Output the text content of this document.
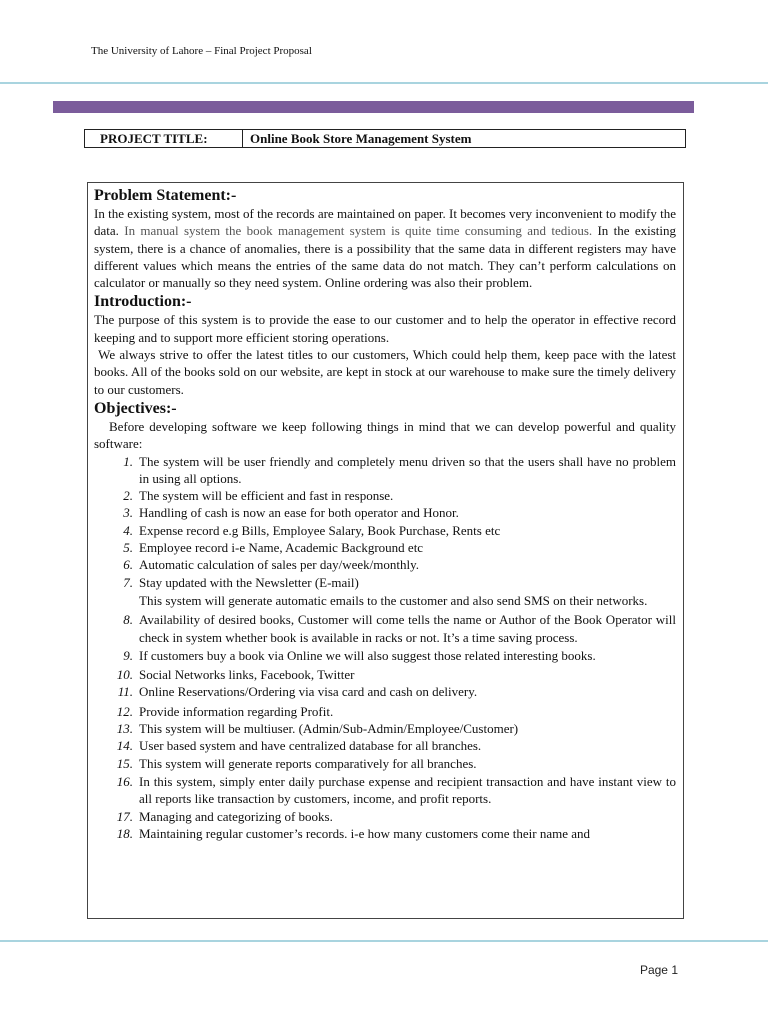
The University of Lahore – Final Project Proposal
PROJECT TITLE:	Online Book Store Management System
Problem Statement:-

In the existing system, most of the records are maintained on paper. It becomes very inconvenient to modify the data. In manual system the book management system is quite time consuming and tedious. In the existing system, there is a chance of anomalies, there is a possibility that the same data in different registers may have different values which means the entries of the same data do not match. They can’t perform calculations on calculator or manually so they need system. Online ordering was also their problem.

Introduction:-

The purpose of this system is to provide the ease to our customer and to help the operator in effective record keeping and to support more efficient storing operations.

We always strive to offer the latest titles to our customers, Which could help them, keep pace with the latest books. All of the books sold on our website, are kept in stock at our warehouse to make sure the timely delivery to our customers.

Objectives:-

Before developing software we keep following things in mind that we can develop powerful and quality software:

1. The system will be user friendly and completely menu driven so that the users shall have no problem in using all options.
2. The system will be efficient and fast in response.
3. Handling of cash is now an ease for both operator and Honor.
4. Expense record e.g Bills, Employee Salary, Book Purchase, Rents etc
5. Employee record i-e Name, Academic Background etc
6. Automatic calculation of sales per day/week/monthly.
7. Stay updated with the Newsletter (E-mail)
This system will generate automatic emails to the customer and also send SMS on their networks.
8. Availability of desired books, Customer will come tells the name or Author of the Book Operator will check in system whether book is available in racks or not. It’s a time saving process.
9. If customers buy a book via Online we will also suggest those related interesting books.
10. Social Networks links, Facebook, Twitter
11. Online Reservations/Ordering via visa card and cash on delivery.
12. Provide information regarding Profit.
13. This system will be multiuser. (Admin/Sub-Admin/Employee/Customer)
14. User based system and have centralized database for all branches.
15. This system will generate reports comparatively for all branches.
16. In this system, simply enter daily purchase expense and recipient transaction and have instant view to all reports like transaction by customers, income, and profit reports.
17. Managing and categorizing of books.
18. Maintaining regular customer’s records. i-e how many customers come their name and
Page 1
